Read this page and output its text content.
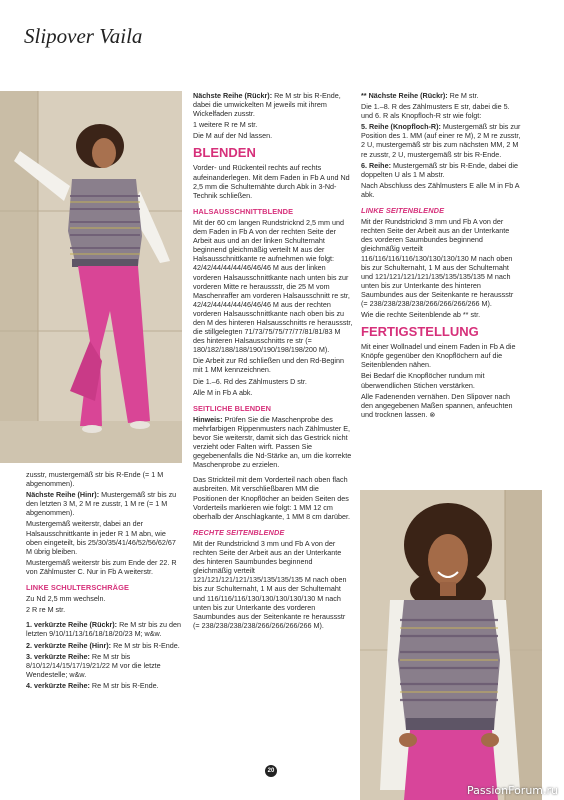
Slipover Vaila

zusstr, mustergemäß str bis R-Ende (= 1 M abgenommen).

Nächste Reihe (Hinr): Mustergemäß str bis zu den letzten 3 M, 2 M re zusstr, 1 M re (= 1 M abgenommen).

Mustergemäß weiterstr, dabei an der Halsausschnittkante in jeder R 1 M abn, wie oben eingeteilt, bis 25/30/35/41/46/52/56/62/67 M übrig bleiben.

Mustergemäß weiterstr bis zum Ende der 22. R von Zählmuster C. Nur in Fb A weiterstr.

LINKE SCHULTERSCHRÄGE

Zu Nd 2,5 mm wechseln.

2 R re M str.

1. verkürzte Reihe (Rückr): Re M str bis zu den letzten 9/10/11/13/16/18/18/20/23 M; w&w.

2. verkürzte Reihe (Hinr): Re M str bis R-Ende.

3. verkürzte Reihe: Re M str bis 8/10/12/14/15/17/19/21/22 M vor die letzte Wendestelle; w&w.

4. verkürzte Reihe: Re M str bis R-Ende.

Nächste Reihe (Rückr): Re M str bis R-Ende, dabei die umwickelten M jeweils mit ihrem Wickelfaden zusstr.

1 weitere R re M str.

Die M auf der Nd lassen.

BLENDEN

Vorder- und Rückenteil rechts auf rechts aufeinanderlegen. Mit dem Faden in Fb A und Nd 2,5 mm die Schulternähte durch Abk in 3-Nd-Technik schließen.

HALSAUSSCHNITTBLENDE

Mit der 60 cm langen Rundstricknd 2,5 mm und dem Faden in Fb A von der rechten Seite der Arbeit aus und an der linken Schulternaht beginnend gleichmäßig verteilt M aus der Halsausschnittkante re aufnehmen wie folgt: 42/42/44/44/44/46/46/46 M aus der linken vorderen Halsausschnittkante nach unten bis zur vorderen Mitte re heraussstr, die 25 M vom Maschenraffer am vorderen Halsausschnitt re str, 42/42/44/44/44/46/46/46 M aus der rechten vorderen Halsausschnittkante nach oben bis zu den M des hinteren Halsausschnitts re heraussstr, die stillgelegten 71/73/75/75/77/77/81/81/83 M des hinteren Halsausschnitts re str (= 180/182/188/188/190/190/198/198/200 M).

Die Arbeit zur Rd schließen und den Rd-Beginn mit 1 MM kennzeichnen.

Die 1.–6. Rd des Zählmusters D str.

Alle M in Fb A abk.

SEITLICHE BLENDEN

Hinweis: Prüfen Sie die Maschenprobe des mehrfarbigen Rippenmusters nach Zählmuster E, bevor Sie weiterstr, damit sich das Gestrick nicht verzieht oder Falten wirft. Passen Sie gegebenenfalls die Nd-Stärke an, um die korrekte Maschenprobe zu erzielen.

Das Strickteil mit dem Vorderteil nach oben flach ausbreiten. Mit verschließbaren MM die Positionen der Knopflöcher an beiden Seiten des Vorderteils markieren wie folgt: 1 MM 12 cm oberhalb der Anschlagkante, 1 MM 8 cm darüber.

RECHTE SEITENBLENDE

Mit der Rundstricknd 3 mm und Fb A von der rechten Seite der Arbeit aus an der Unterkante des hinteren Saumbundes beginnend gleichmäßig verteilt 121/121/121/121/135/135/135/135 M nach oben bis zur Schulternaht, 1 M aus der Schulternaht und 116/116/116/130/130/130/130/130 M nach unten bis zur Unterkante des vorderen Saumbundes aus der Seitenkante re heraussstr (= 238/238/238/238/266/266/266/266 M).

** Nächste Reihe (Rückr): Re M str.

Die 1.–8. R des Zählmusters E str, dabei die 5. und 6. R als Knopfloch-R str wie folgt:

5. Reihe (Knopfloch-R): Mustergemäß str bis zur Position des 1. MM (auf einer re M), 2 M re zusstr, 2 U, mustergemäß str bis zum nächsten MM, 2 M re zusstr, 2 U, mustergemäß str bis R-Ende.

6. Reihe: Mustergemäß str bis R-Ende, dabei die doppelten U als 1 M abstr.

Nach Abschluss des Zählmusters E alle M in Fb A abk.

LINKE SEITENBLENDE

Mit der Rundstricknd 3 mm und Fb A von der rechten Seite der Arbeit aus an der Unterkante des vorderen Saumbundes beginnend gleichmäßig verteilt 116/116/116/116/130/130/130/130 M nach oben bis zur Schulternaht, 1 M aus der Schulternaht und 121/121/121/121/135/135/135/135 M nach unten bis zur Unterkante des hinteren Saumbundes aus der Seitenkante re heraussstr (= 238/238/238/238/266/266/266/266 M).

Wie die rechte Seitenblende ab ** str.

FERTIGSTELLUNG

Mit einer Wollnadel und einem Faden in Fb A die Knöpfe gegenüber den Knopflöchern auf die Seitenblenden nähen.

Bei Bedarf die Knopflöcher rundum mit überwendlichen Stichen verstärken.

Alle Fadenenden vernähen. Den Slipover nach den angegebenen Maßen spannen, anfeuchten und trocknen lassen. ⊗

20
PassionForum.ru
